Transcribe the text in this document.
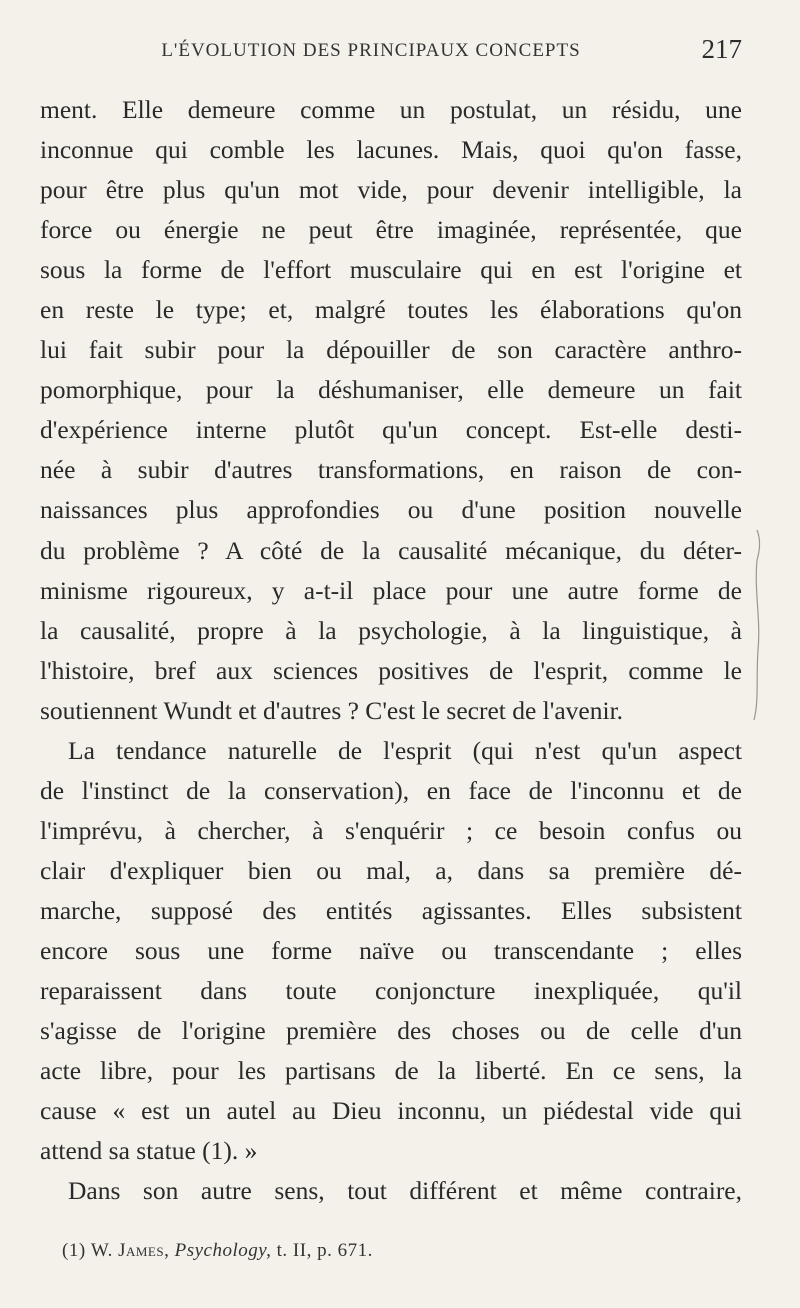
L'ÉVOLUTION DES PRINCIPAUX CONCEPTS	217
ment. Elle demeure comme un postulat, un résidu, une
inconnue qui comble les lacunes. Mais, quoi qu'on fasse,
pour être plus qu'un mot vide, pour devenir intelligible, la
force ou énergie ne peut être imaginée, représentée, que
sous la forme de l'effort musculaire qui en est l'origine et
en reste le type; et, malgré toutes les élaborations qu'on
lui fait subir pour la dépouiller de son caractère anthro-
pomorphique, pour la déshumaniser, elle demeure un fait
d'expérience interne plutôt qu'un concept. Est-elle desti-
née à subir d'autres transformations, en raison de con-
naissances plus approfondies ou d'une position nouvelle
du problème ? A côté de la causalité mécanique, du déter-
minisme rigoureux, y a-t-il place pour une autre forme de
la causalité, propre à la psychologie, à la linguistique, à
l'histoire, bref aux sciences positives de l'esprit, comme le
soutiennent Wundt et d'autres ? C'est le secret de l'avenir.
La tendance naturelle de l'esprit (qui n'est qu'un aspect
de l'instinct de la conservation), en face de l'inconnu et de
l'imprévu, à chercher, à s'enquérir ; ce besoin confus ou
clair d'expliquer bien ou mal, a, dans sa première dé-
marche, supposé des entités agissantes. Elles subsistent
encore sous une forme naïve ou transcendante ; elles
reparaissent dans toute conjoncture inexpliquée, qu'il
s'agisse de l'origine première des choses ou de celle d'un
acte libre, pour les partisans de la liberté. En ce sens, la
cause « est un autel au Dieu inconnu, un piédestal vide qui
attend sa statue (1). »
Dans son autre sens, tout différent et même contraire,
(1) W. James, Psychology, t. II, p. 671.
